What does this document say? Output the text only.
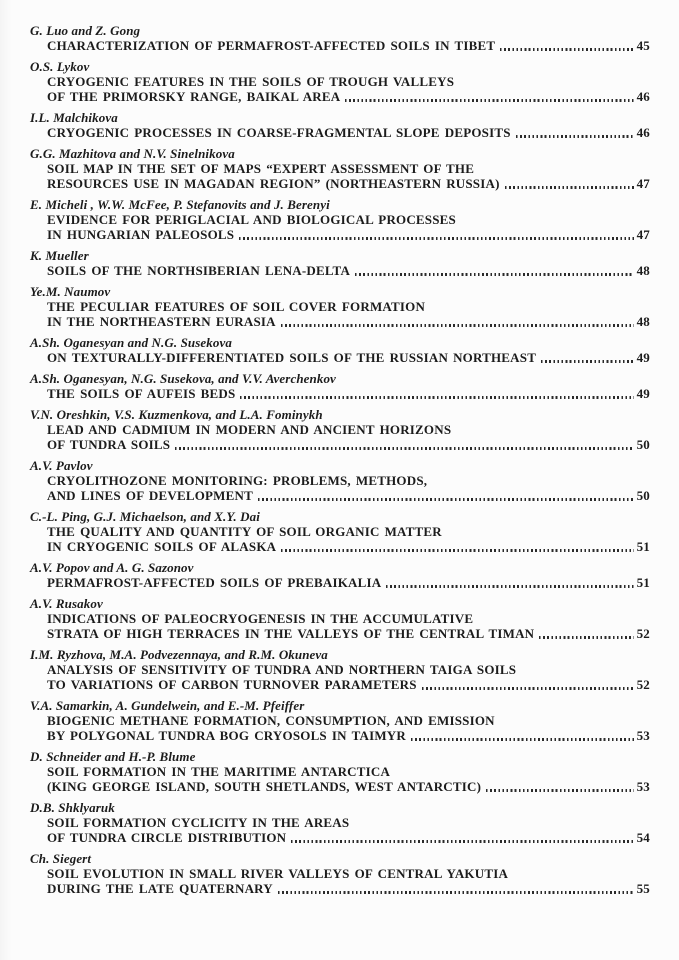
G. Luo and Z. Gong
CHARACTERIZATION OF PERMAFROST-AFFECTED SOILS IN TIBET	45
O.S. Lykov
CRYOGENIC FEATURES IN THE SOILS OF TROUGH VALLEYS
OF THE PRIMORSKY RANGE, BAIKAL AREA	46
I.L. Malchikova
CRYOGENIC PROCESSES IN COARSE-FRAGMENTAL SLOPE DEPOSITS	46
G.G. Mazhitova and N.V. Sinelnikova
SOIL MAP IN THE SET OF MAPS “EXPERT ASSESSMENT OF THE
RESOURCES USE IN MAGADAN REGION” (NORTHEASTERN RUSSIA)	47
E. Micheli , W.W. McFee, P. Stefanovits and J. Berenyi
EVIDENCE FOR PERIGLACIAL AND BIOLOGICAL PROCESSES
IN HUNGARIAN PALEOSOLS	47
K. Mueller
SOILS OF THE NORTHSIBERIAN LENA-DELTA	48
Ye.M. Naumov
THE PECULIAR FEATURES OF SOIL COVER FORMATION
IN THE NORTHEASTERN EURASIA	48
A.Sh. Oganesyan and N.G. Susekova
ON TEXTURALLY-DIFFERENTIATED SOILS OF THE RUSSIAN NORTHEAST	49
A.Sh. Oganesyan, N.G. Susekova, and V.V. Averchenkov
THE SOILS OF AUFEIS BEDS	49
V.N. Oreshkin, V.S. Kuzmenkova, and L.A. Fominykh
LEAD AND CADMIUM IN MODERN AND ANCIENT HORIZONS
OF TUNDRA SOILS	50
A.V. Pavlov
CRYOLITHOZONE MONITORING: PROBLEMS, METHODS,
AND LINES OF DEVELOPMENT	50
C.-L. Ping, G.J. Michaelson, and X.Y. Dai
THE QUALITY AND QUANTITY OF SOIL ORGANIC MATTER
IN CRYOGENIC SOILS OF ALASKA	51
A.V. Popov and A. G. Sazonov
PERMAFROST-AFFECTED SOILS OF PREBAIKALIA	51
A.V. Rusakov
INDICATIONS OF PALEOCRYOGENESIS IN THE ACCUMULATIVE
STRATA OF HIGH TERRACES IN THE VALLEYS OF THE CENTRAL TIMAN	52
I.M. Ryzhova, M.A. Podvezennaya, and R.M. Okuneva
ANALYSIS OF SENSITIVITY OF TUNDRA AND NORTHERN TAIGA SOILS
TO VARIATIONS OF CARBON TURNOVER PARAMETERS	52
V.A. Samarkin, A. Gundelwein, and E.-M. Pfeiffer
BIOGENIC METHANE FORMATION, CONSUMPTION, AND EMISSION
BY POLYGONAL TUNDRA BOG CRYOSOLS IN TAIMYR	53
D. Schneider and H.-P. Blume
SOIL FORMATION IN THE MARITIME ANTARCTICA
(KING GEORGE ISLAND, SOUTH SHETLANDS, WEST ANTARCTIC)	53
D.B. Shklyaruk
SOIL FORMATION CYCLICITY IN THE AREAS
OF TUNDRA CIRCLE DISTRIBUTION	54
Ch. Siegert
SOIL EVOLUTION IN SMALL RIVER VALLEYS OF CENTRAL YAKUTIA
DURING THE LATE QUATERNARY	55
